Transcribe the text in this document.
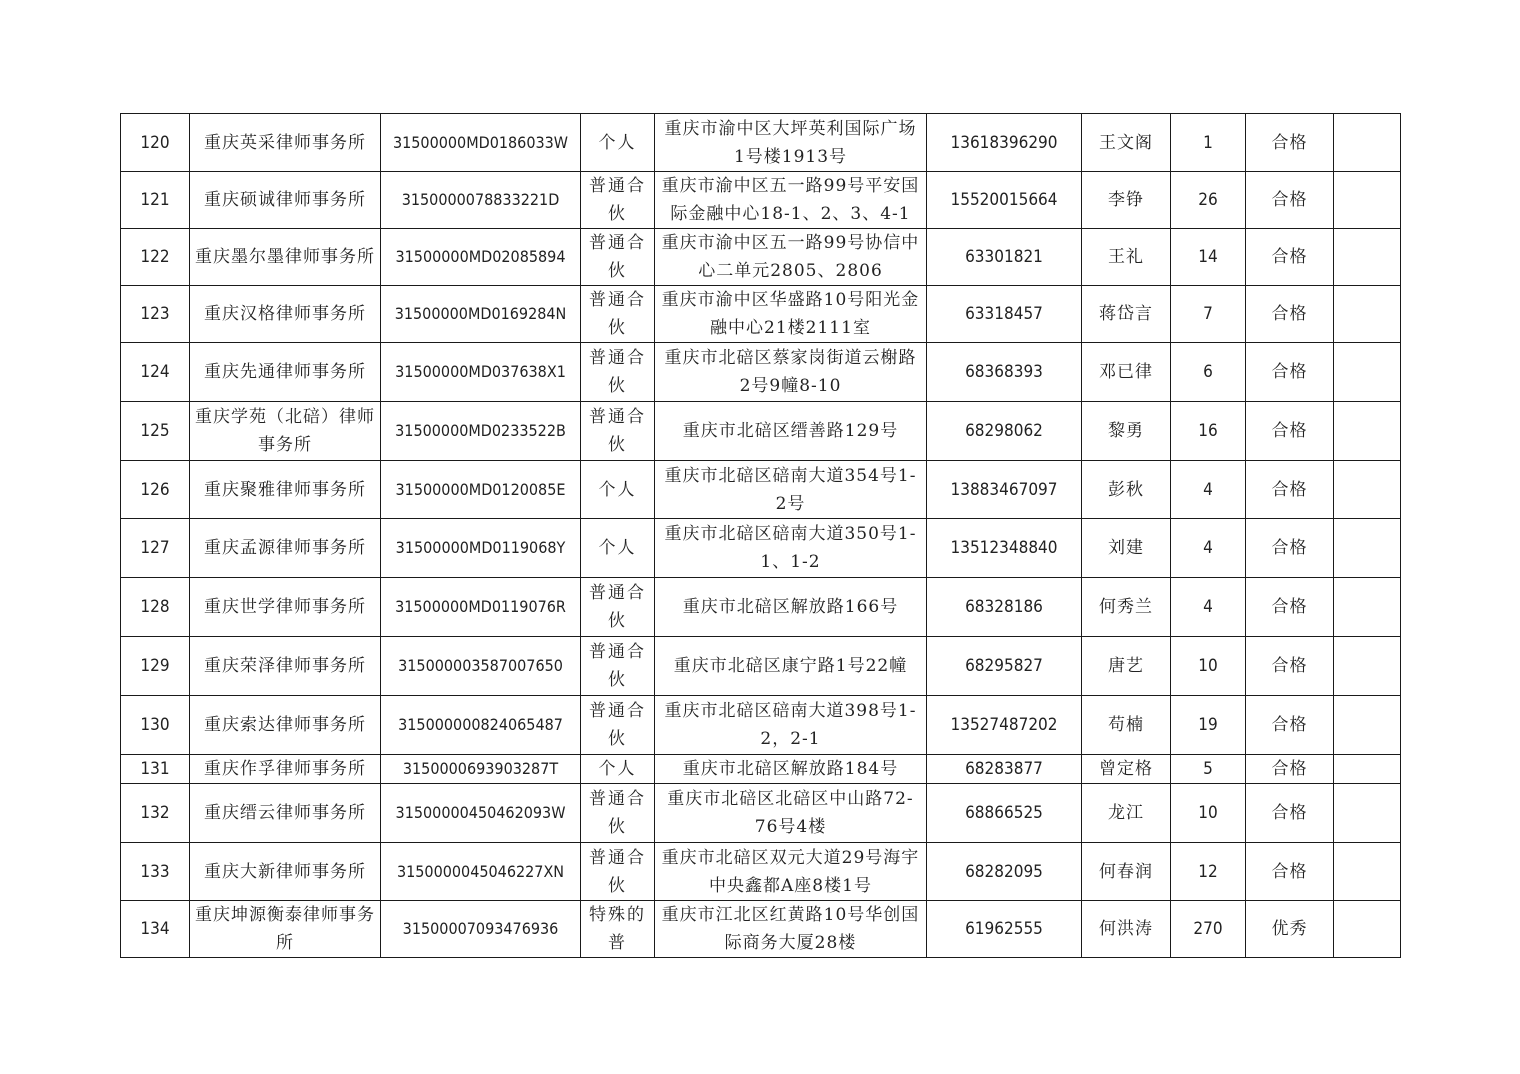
120	重庆英采律师事务所	31500000MD0186033W	个人	重庆市渝中区大坪英利国际广场1号楼1913号	13618396290	王文阁	1	合格	
121	重庆硕诚律师事务所	3150000078833221D	普通合伙	重庆市渝中区五一路99号平安国际金融中心18-1、2、3、4-1	15520015664	李铮	26	合格	
122	重庆墨尔墨律师事务所	31500000MD02085894	普通合伙	重庆市渝中区五一路99号协信中心二单元2805、2806	63301821	王礼	14	合格	
123	重庆汉格律师事务所	31500000MD0169284N	普通合伙	重庆市渝中区华盛路10号阳光金融中心21楼2111室	63318457	蒋岱言	7	合格	
124	重庆先通律师事务所	31500000MD037638X1	普通合伙	重庆市北碚区蔡家岗街道云榭路2号9幢8-10	68368393	邓已律	6	合格	
125	重庆学苑（北碚）律师事务所	31500000MD0233522B	普通合伙	重庆市北碚区缙善路129号	68298062	黎勇	16	合格	
126	重庆聚雅律师事务所	31500000MD0120085E	个人	重庆市北碚区碚南大道354号1-2号	13883467097	彭秋	4	合格	
127	重庆孟源律师事务所	31500000MD0119068Y	个人	重庆市北碚区碚南大道350号1-1、1-2	13512348840	刘建	4	合格	
128	重庆世学律师事务所	31500000MD0119076R	普通合伙	重庆市北碚区解放路166号	68328186	何秀兰	4	合格	
129	重庆荣泽律师事务所	315000003587007650	普通合伙	重庆市北碚区康宁路1号22幢	68295827	唐艺	10	合格	
130	重庆索达律师事务所	315000000824065487	普通合伙	重庆市北碚区碚南大道398号1-2，2-1	13527487202	苟楠	19	合格	
131	重庆作孚律师事务所	3150000693903287T	个人	重庆市北碚区解放路184号	68283877	曾定格	5	合格	
132	重庆缙云律师事务所	31500000450462093W	普通合伙	重庆市北碚区北碚区中山路72-76号4楼	68866525	龙江	10	合格	
133	重庆大新律师事务所	3150000045046227XN	普通合伙	重庆市北碚区双元大道29号海宇中央鑫都A座8楼1号	68282095	何春润	12	合格	
134	重庆坤源衡泰律师事务所	31500007093476936	特殊的普	重庆市江北区红黄路10号华创国际商务大厦28楼	61962555	何洪涛	270	优秀	
